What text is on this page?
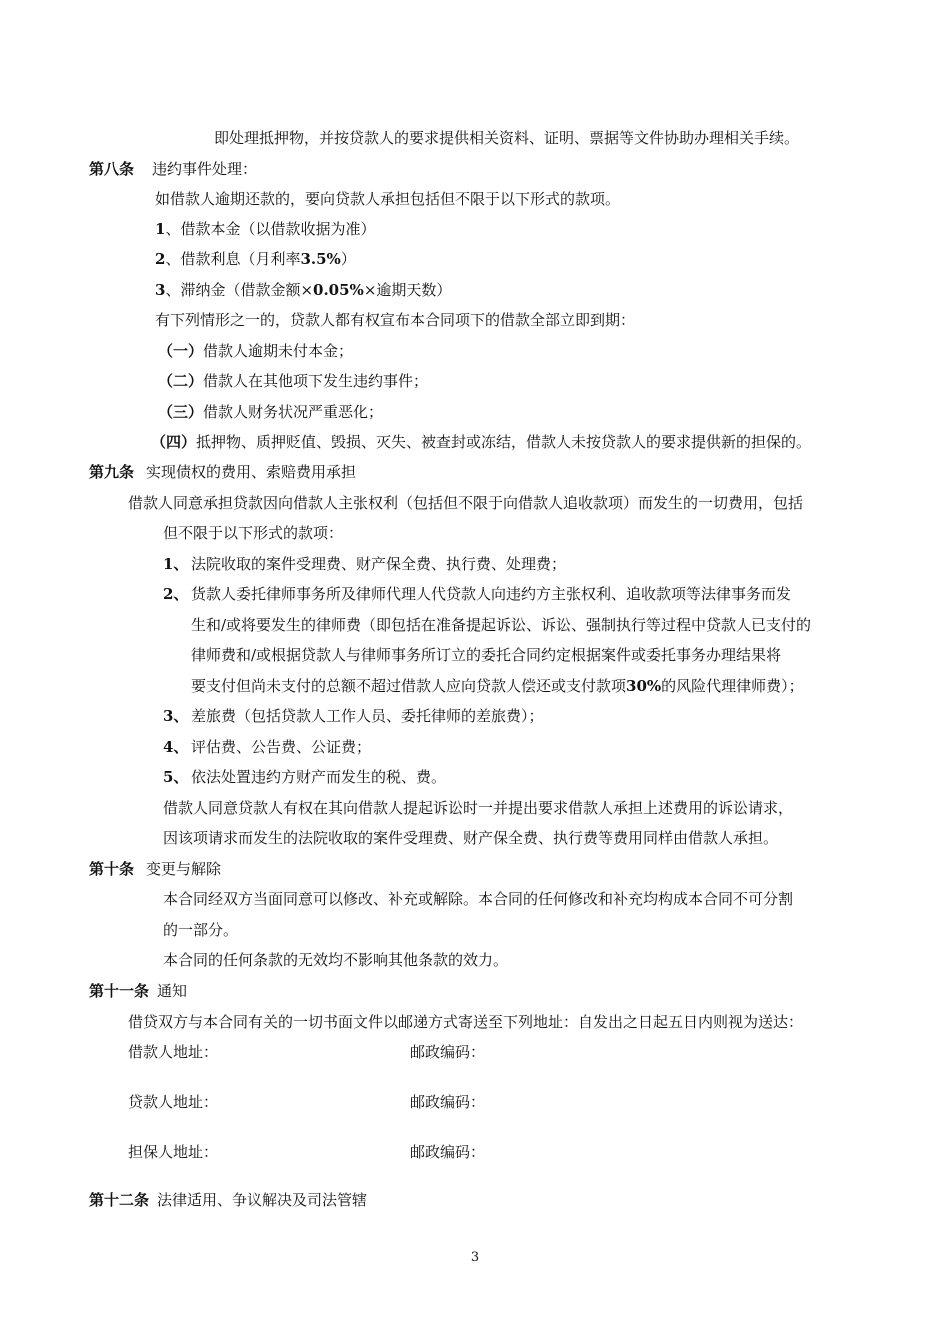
即处理抵押物，并按贷款人的要求提供相关资料、证明、票据等文件协助办理相关手续。
第八条 违约事件处理：
如借款人逾期还款的，要向贷款人承担包括但不限于以下形式的款项。
1、借款本金（以借款收据为准）
2、借款利息（月利率3.5%）
3、滞纳金（借款金额×0.05%×逾期天数）
有下列情形之一的，贷款人都有权宣布本合同项下的借款全部立即到期：
（一）借款人逾期未付本金；
（二）借款人在其他项下发生违约事件；
（三）借款人财务状况严重恶化；
（四）抵押物、质押贬值、毁损、灭失、被查封或冻结，借款人未按贷款人的要求提供新的担保的。
第九条 实现债权的费用、索赔费用承担
借款人同意承担贷款因向借款人主张权利（包括但不限于向借款人追收款项）而发生的一切费用，包括
但不限于以下形式的款项：
1、 法院收取的案件受理费、财产保全费、执行费、处理费；
2、 货款人委托律师事务所及律师代理人代贷款人向违约方主张权利、追收款项等法律事务而发
生和/或将要发生的律师费（即包括在准备提起诉讼、诉讼、强制执行等过程中贷款人已支付的
律师费和/或根据贷款人与律师事务所订立的委托合同约定根据案件或委托事务办理结果将
要支付但尚未支付的总额不超过借款人应向贷款人偿还或支付款项30%的风险代理律师费）；
3、 差旅费（包括贷款人工作人员、委托律师的差旅费）；
4、 评估费、公告费、公证费；
5、 依法处置违约方财产而发生的税、费。
借款人同意贷款人有权在其向借款人提起诉讼时一并提出要求借款人承担上述费用的诉讼请求，
因该项请求而发生的法院收取的案件受理费、财产保全费、执行费等费用同样由借款人承担。
第十条 变更与解除
本合同经双方当面同意可以修改、补充或解除。本合同的任何修改和补充均构成本合同不可分割
的一部分。
本合同的任何条款的无效均不影响其他条款的效力。
第十一条 通知
借贷双方与本合同有关的一切书面文件以邮递方式寄送至下列地址：自发出之日起五日内则视为送达：
借款人地址：	邮政编码：
贷款人地址：	邮政编码：
担保人地址：	邮政编码：
第十二条 法律适用、争议解决及司法管辖
3
